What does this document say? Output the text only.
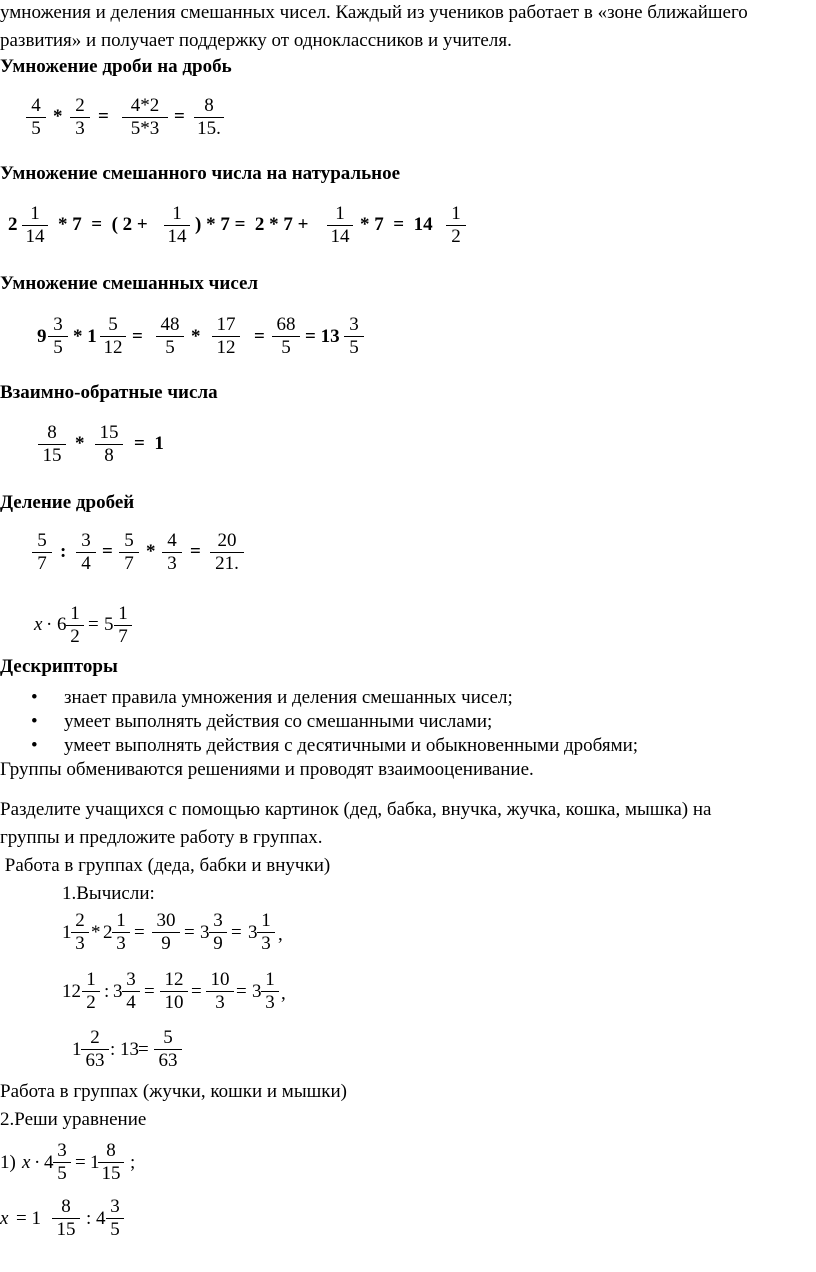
умножения и деления смешанных чисел. Каждый из учеников работает в «зоне ближайшего
развития» и получает поддержку от одноклассников и учителя.
Умножение дроби на дробь
$\frac{4}{5} * \frac{2}{3} = \frac{4*2}{5*3} = \frac{8}{15.}$
Умножение смешанного числа на натуральное
$2 \frac{1}{14} * 7$  =  ( $2 + \frac{1}{14}$ ) * $7 = 2 * 7 + \frac{1}{14} * 7 = 14 \frac{1}{2}$
Умножение смешанных чисел
$9 \frac{3}{5} * 1 \frac{5}{12} = \frac{48}{5} * \frac{17}{12} = \frac{68}{5} = 13 \frac{3}{5}$
Взаимно-обратные числа
$\frac{8}{15} * \frac{15}{8} = 1$
Деление дробей
$\frac{5}{7}$ : $\frac{3}{4} = \frac{5}{7} * \frac{4}{3} = \frac{20}{21.}$
$x \cdot 6 \frac{1}{2} = 5 \frac{1}{7}$
Дескрипторы
• знает правила умножения и деления смешанных чисел;
• умеет выполнять действия со смешанными числами;
• умеет выполнять действия с десятичными и обыкновенными дробями;
Группы обмениваются решениями и проводят взаимооценивание.
Разделите учащихся с помощью картинок (дед, бабка, внучка, жучка, кошка, мышка) на
группы и предложите работу в группах.
Работа в группах (деда, бабки и внучки)
1.Вычисли:
$1 \frac{2}{3} * 2 \frac{1}{3} = \frac{30}{9} = 3 \frac{3}{9} = 3 \frac{1}{3}$ ,
$12 \frac{1}{2}$ : $3 \frac{3}{4} = \frac{12}{10} = \frac{10}{3} = 3 \frac{1}{3}$ ,
$1 \frac{2}{63}$ : 13
= $\frac{5}{63}$
Работа в группах (жучки, кошки и мышки)
2.Реши уравнение
1) $x \cdot 4 \frac{3}{5} = 1$
$\frac{8}{15}$ ;
$x = 1 \frac{8}{15}$ : $4 \frac{3}{5}$
